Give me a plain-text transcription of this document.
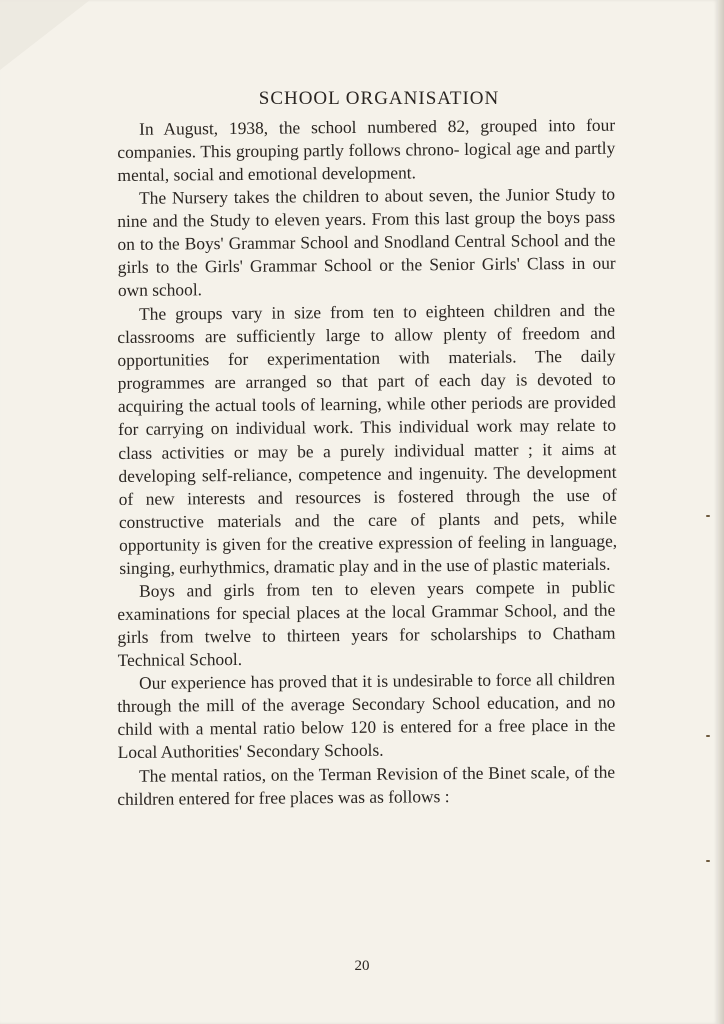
SCHOOL ORGANISATION

In August, 1938, the school numbered 82, grouped into four companies. This grouping partly follows chrono- logical age and partly mental, social and emotional development.

The Nursery takes the children to about seven, the Junior Study to nine and the Study to eleven years. From this last group the boys pass on to the Boys' Grammar School and Snodland Central School and the girls to the Girls' Grammar School or the Senior Girls' Class in our own school.

The groups vary in size from ten to eighteen children and the classrooms are sufficiently large to allow plenty of freedom and opportunities for experimentation with materials. The daily programmes are arranged so that part of each day is devoted to acquiring the actual tools of learning, while other periods are provided for carrying on individual work. This individual work may relate to class activities or may be a purely individual matter ; it aims at developing self-reliance, competence and ingenuity. The development of new interests and resources is fostered through the use of constructive materials and the care of plants and pets, while opportunity is given for the creative expression of feeling in language, singing, eurhythmics, dramatic play and in the use of plastic materials.

Boys and girls from ten to eleven years compete in public examinations for special places at the local Grammar School, and the girls from twelve to thirteen years for scholarships to Chatham Technical School.

Our experience has proved that it is undesirable to force all children through the mill of the average Secondary School education, and no child with a mental ratio below 120 is entered for a free place in the Local Authorities' Secondary Schools.

The mental ratios, on the Terman Revision of the Binet scale, of the children entered for free places was as follows :

20
